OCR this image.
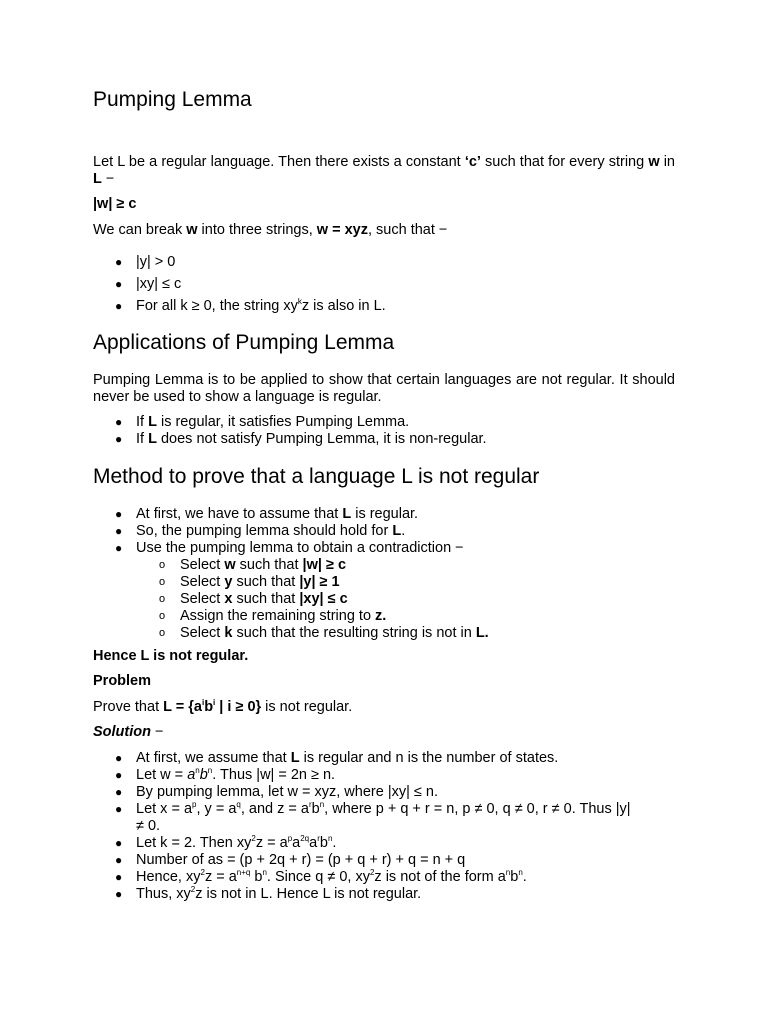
Pumping Lemma
Let L be a regular language. Then there exists a constant ‘c’ such that for every string w in L −
|w| ≥ c
We can break w into three strings, w = xyz, such that −
● |y| > 0
● |xy| ≤ c
● For all k ≥ 0, the string $xy^kz$ is also in L.
Applications of Pumping Lemma
Pumping Lemma is to be applied to show that certain languages are not regular. It should never be used to show a language is regular.
● If L is regular, it satisfies Pumping Lemma.
● If L does not satisfy Pumping Lemma, it is non-regular.
Method to prove that a language L is not regular
● At first, we have to assume that L is regular.
● So, the pumping lemma should hold for L.
● Use the pumping lemma to obtain a contradiction −
o Select w such that |w| ≥ c
o Select y such that |y| ≥ 1
o Select x such that |xy| ≤ c
o Assign the remaining string to z.
o Select k such that the resulting string is not in L.
Hence L is not regular.
Problem
Prove that $L = \{a^ib^i$ | i ≥ 0} is not regular.
Solution −
● At first, we assume that L is regular and n is the number of states.
● Let $w = a^nb^n$. Thus |w| = 2n ≥ n.
● By pumping lemma, let w = xyz, where |xy| ≤ n.
● Let $x = a^p$, $y = a^q$, and $z = a^rb^n$, where p + q + r = n, p ≠ 0, q ≠ 0, r ≠ 0. Thus |y|
≠ 0.
● Let k = 2. Then $xy^2z = a^pa^{2q}a^rb^n$.
● Number of as = (p + 2q + r) = (p + q + r) + q = n + q
● Hence, $xy^2z = a^{n+q}$ $b^n$. Since q ≠ 0, $xy^2z$ is not of the form $a^nb^n$.
● Thus, $xy^2z$ is not in L. Hence L is not regular.
